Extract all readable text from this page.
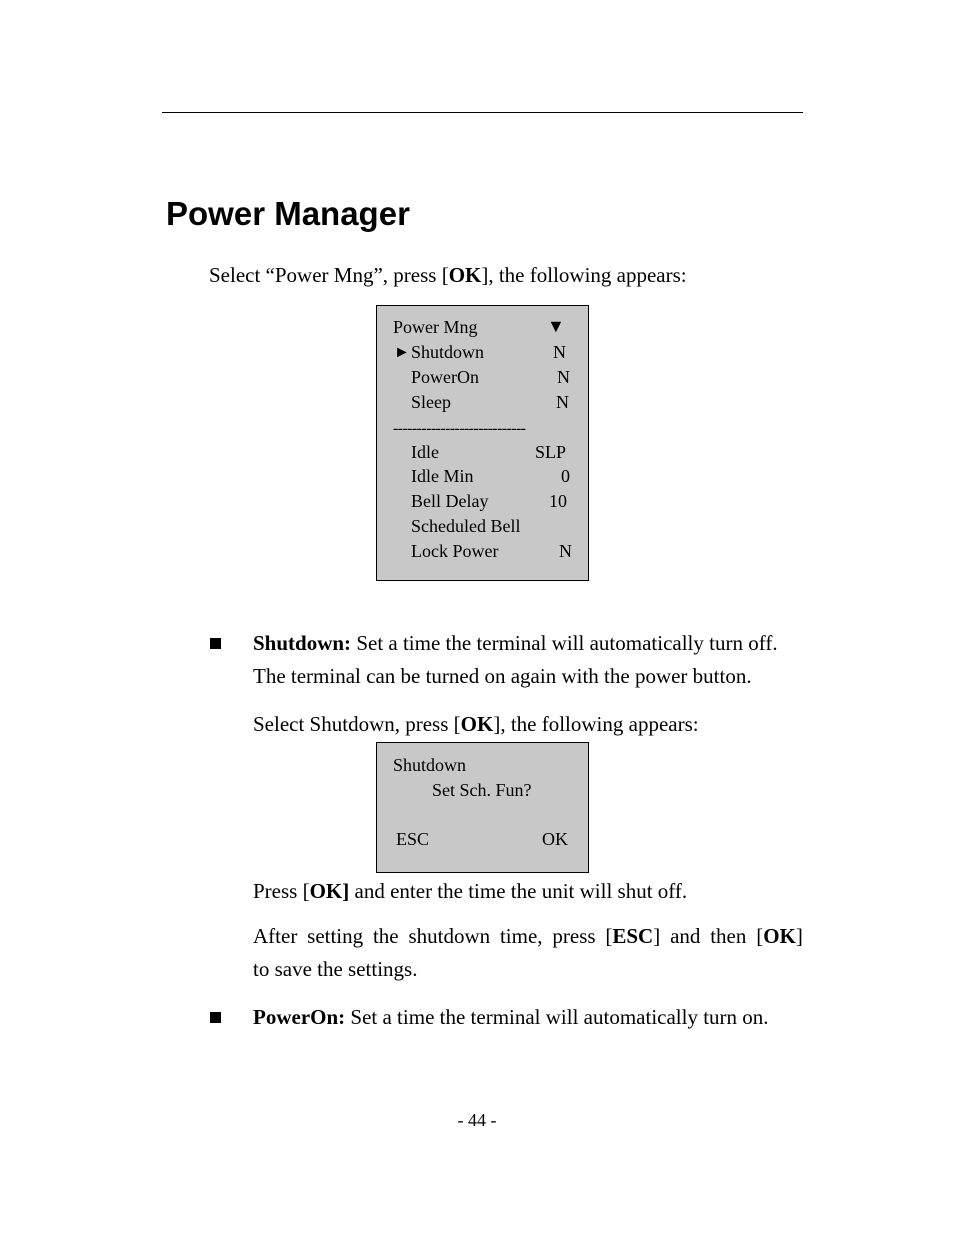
Power Manager
Select “Power Mng”, press [OK], the following appears:
Power Mng	▼
► Shutdown	N
PowerOn	N
Sleep	N
----------------------------
Idle	SLP
Idle Min	0
Bell Delay	10
Scheduled Bell
Lock Power	N
Shutdown: Set a time the terminal will automatically turn off.
The terminal can be turned on again with the power button.
Select Shutdown, press [OK], the following appears:
Shutdown
Set Sch. Fun?
ESC	OK
Press [OK] and enter the time the unit will shut off.
After setting the shutdown time, press [ESC] and then [OK]
to save the settings.
PowerOn: Set a time the terminal will automatically turn on.
- 44 -
